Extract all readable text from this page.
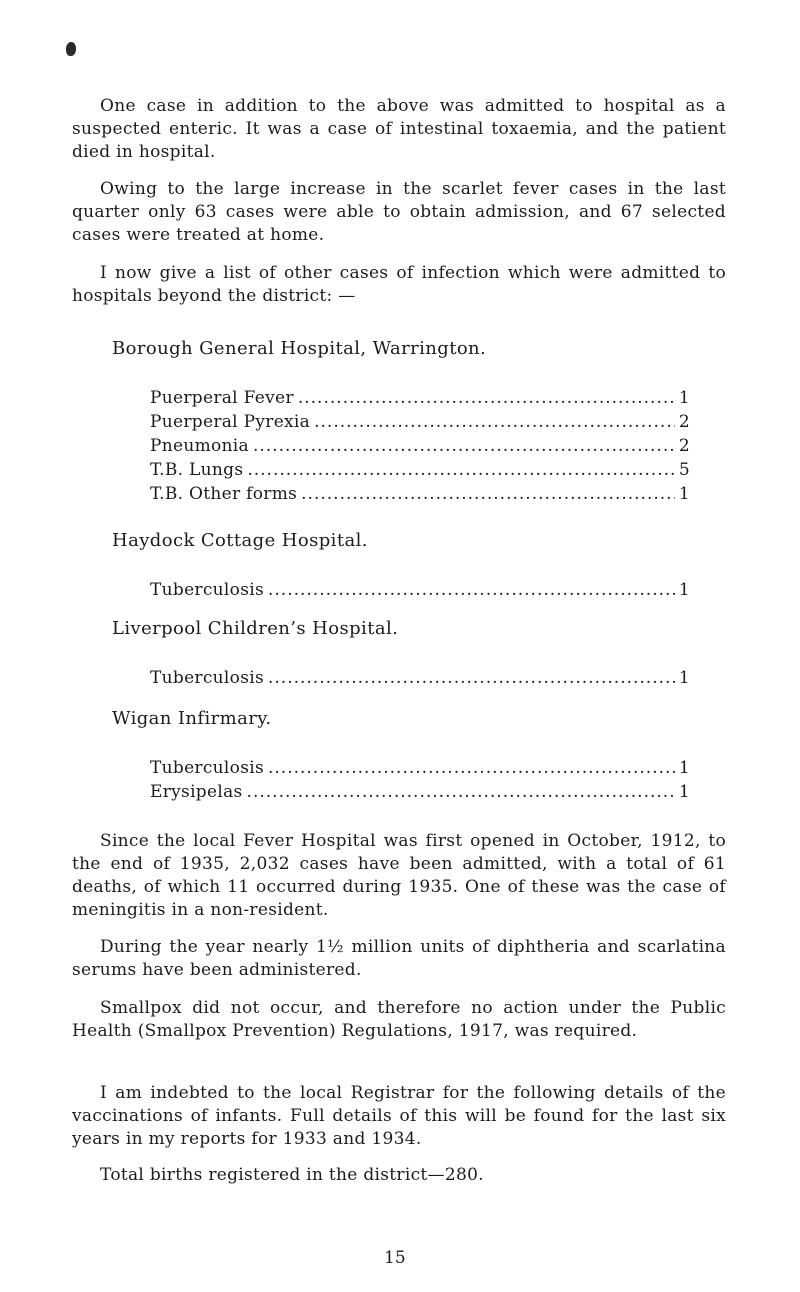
One case in addition to the above was admitted to hospital as a suspected enteric. It was a case of intestinal toxaemia, and the patient died in hospital.

Owing to the large increase in the scarlet fever cases in the last quarter only 63 cases were able to obtain admission, and 67 selected cases were treated at home.

I now give a list of other cases of infection which were admitted to hospitals beyond the district: —

Borough General Hospital, Warrington.

Puerperal Fever .....	1
Puerperal Pyrexia .....	2
Pneumonia .....	2
T.B. Lungs .....	5
T.B. Other forms .....	1

Haydock Cottage Hospital.

Tuberculosis .....	1

Liverpool Children’s Hospital.

Tuberculosis .....	1

Wigan Infirmary.

Tuberculosis .....	1
Erysipelas .....	1

Since the local Fever Hospital was first opened in October, 1912, to the end of 1935, 2,032 cases have been admitted, with a total of 61 deaths, of which 11 occurred during 1935. One of these was the case of meningitis in a non-resident.

During the year nearly 1½ million units of diphtheria and scarlatina serums have been administered.

Smallpox did not occur, and therefore no action under the Public Health (Smallpox Prevention) Regulations, 1917, was required.

I am indebted to the local Registrar for the following details of the vaccinations of infants. Full details of this will be found for the last six years in my reports for 1933 and 1934.

Total births registered in the district—280.

15
